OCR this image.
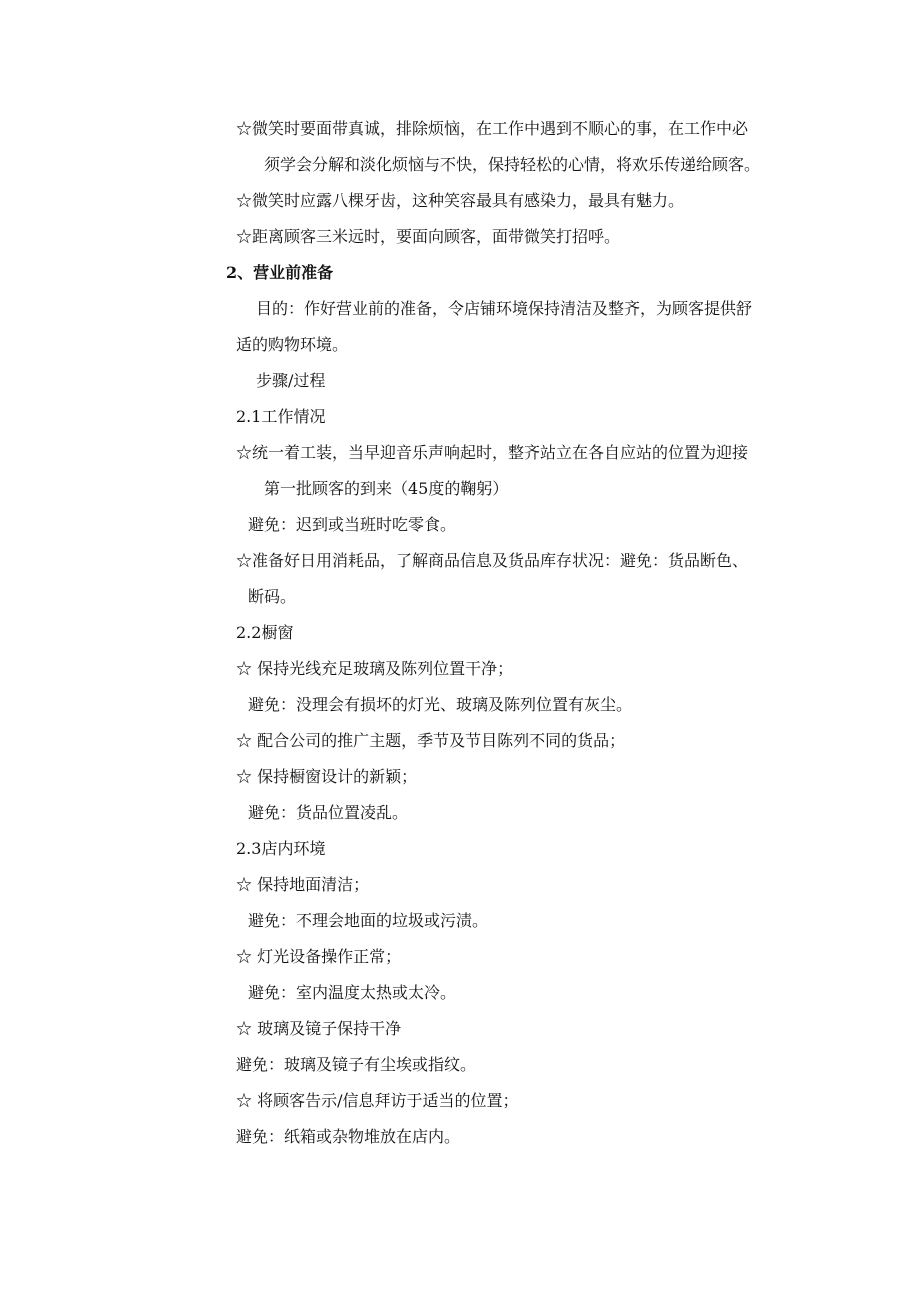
☆微笑时要面带真诚，排除烦恼，在工作中遇到不顺心的事，在工作中必
须学会分解和淡化烦恼与不快，保持轻松的心情，将欢乐传递给顾客。
☆微笑时应露八棵牙齿，这种笑容最具有感染力，最具有魅力。
☆距离顾客三米远时，要面向顾客，面带微笑打招呼。
2、营业前准备
目的：作好营业前的准备，令店铺环境保持清洁及整齐，为顾客提供舒
适的购物环境。
步骤/过程
2.1工作情况
☆统一着工装，当早迎音乐声响起时，整齐站立在各自应站的位置为迎接
第一批顾客的到来（45度的鞠躬）
避免：迟到或当班时吃零食。
☆准备好日用消耗品，了解商品信息及货品库存状况：避免：货品断色、
断码。
2.2橱窗
☆ 保持光线充足玻璃及陈列位置干净；
避免：没理会有损坏的灯光、玻璃及陈列位置有灰尘。
☆ 配合公司的推广主题，季节及节目陈列不同的货品；
☆ 保持橱窗设计的新颖；
避免：货品位置凌乱。
2.3店内环境
☆ 保持地面清洁；
避免：不理会地面的垃圾或污渍。
☆ 灯光设备操作正常；
避免：室内温度太热或太冷。
☆ 玻璃及镜子保持干净
避免：玻璃及镜子有尘埃或指纹。
☆ 将顾客告示/信息拜访于适当的位置；
避免：纸箱或杂物堆放在店内。
